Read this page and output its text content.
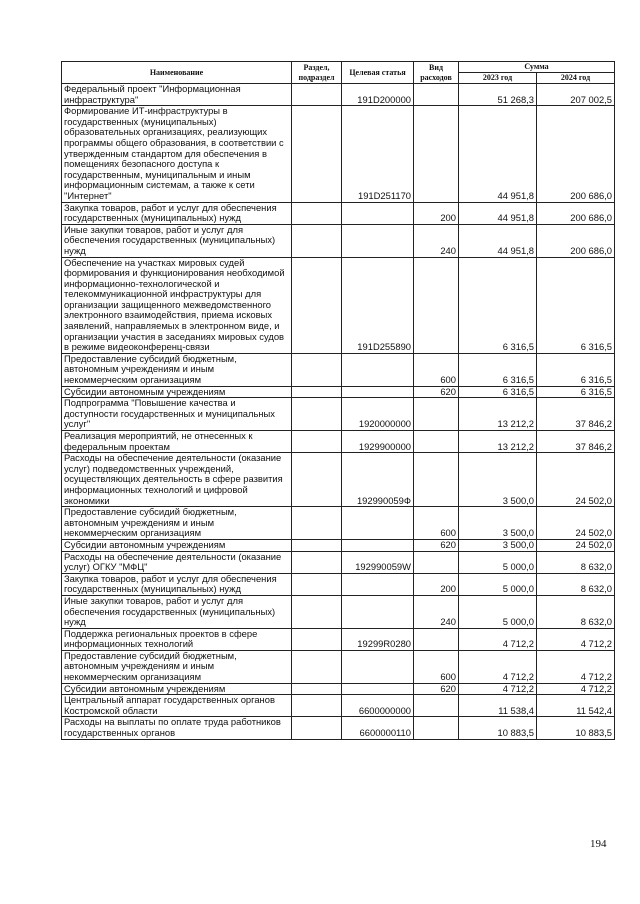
Наименование	Раздел, подраздел	Целевая статья	Вид расходов	Сумма	
				2023 год	2024 год
Федеральный проект "Информационная инфраструктура"		191D200000		51 268,3	207 002,5
Формирование ИТ-инфраструктуры в государственных (муниципальных) образовательных организациях, реализующих программы общего образования, в соответствии с утвержденным стандартом для обеспечения в помещениях безопасного доступа к государственным, муниципальным и иным информационным системам, а также к сети "Интернет"		191D251170		44 951,8	200 686,0
Закупка товаров, работ и услуг для обеспечения государственных (муниципальных) нужд			200	44 951,8	200 686,0
Иные закупки товаров, работ и услуг для обеспечения государственных (муниципальных) нужд			240	44 951,8	200 686,0
Обеспечение на участках мировых судей формирования и функционирования необходимой информационно-технологической и телекоммуникационной инфраструктуры для организации защищенного межведомственного электронного взаимодействия, приема исковых заявлений, направляемых в электронном виде, и организации участия в заседаниях мировых судов в режиме видеоконференц-связи		191D255890		6 316,5	6 316,5
Предоставление субсидий бюджетным, автономным учреждениям и иным некоммерческим организациям			600	6 316,5	6 316,5
Субсидии автономным учреждениям			620	6 316,5	6 316,5
Подпрограмма "Повышение качества и доступности государственных и муниципальных услуг"		1920000000		13 212,2	37 846,2
Реализация мероприятий, не отнесенных к федеральным проектам		1929900000		13 212,2	37 846,2
Расходы на обеспечение деятельности (оказание услуг) подведомственных учреждений, осуществляющих деятельность в сфере развития информационных технологий и цифровой экономики		192990059Ф		3 500,0	24 502,0
Предоставление субсидий бюджетным, автономным учреждениям и иным некоммерческим организациям			600	3 500,0	24 502,0
Субсидии автономным учреждениям			620	3 500,0	24 502,0
Расходы на обеспечение деятельности (оказание услуг) ОГКУ "МФЦ"		192990059W		5 000,0	8 632,0
Закупка товаров, работ и услуг для обеспечения государственных (муниципальных) нужд			200	5 000,0	8 632,0
Иные закупки товаров, работ и услуг для обеспечения государственных (муниципальных) нужд			240	5 000,0	8 632,0
Поддержка региональных проектов в сфере информационных технологий		19299R0280		4 712,2	4 712,2
Предоставление субсидий бюджетным, автономным учреждениям и иным некоммерческим организациям			600	4 712,2	4 712,2
Субсидии автономным учреждениям			620	4 712,2	4 712,2
Центральный аппарат государственных органов Костромской области		6600000000		11 538,4	11 542,4
Расходы на выплаты по оплате труда работников государственных органов		6600000110		10 883,5	10 883,5
194
